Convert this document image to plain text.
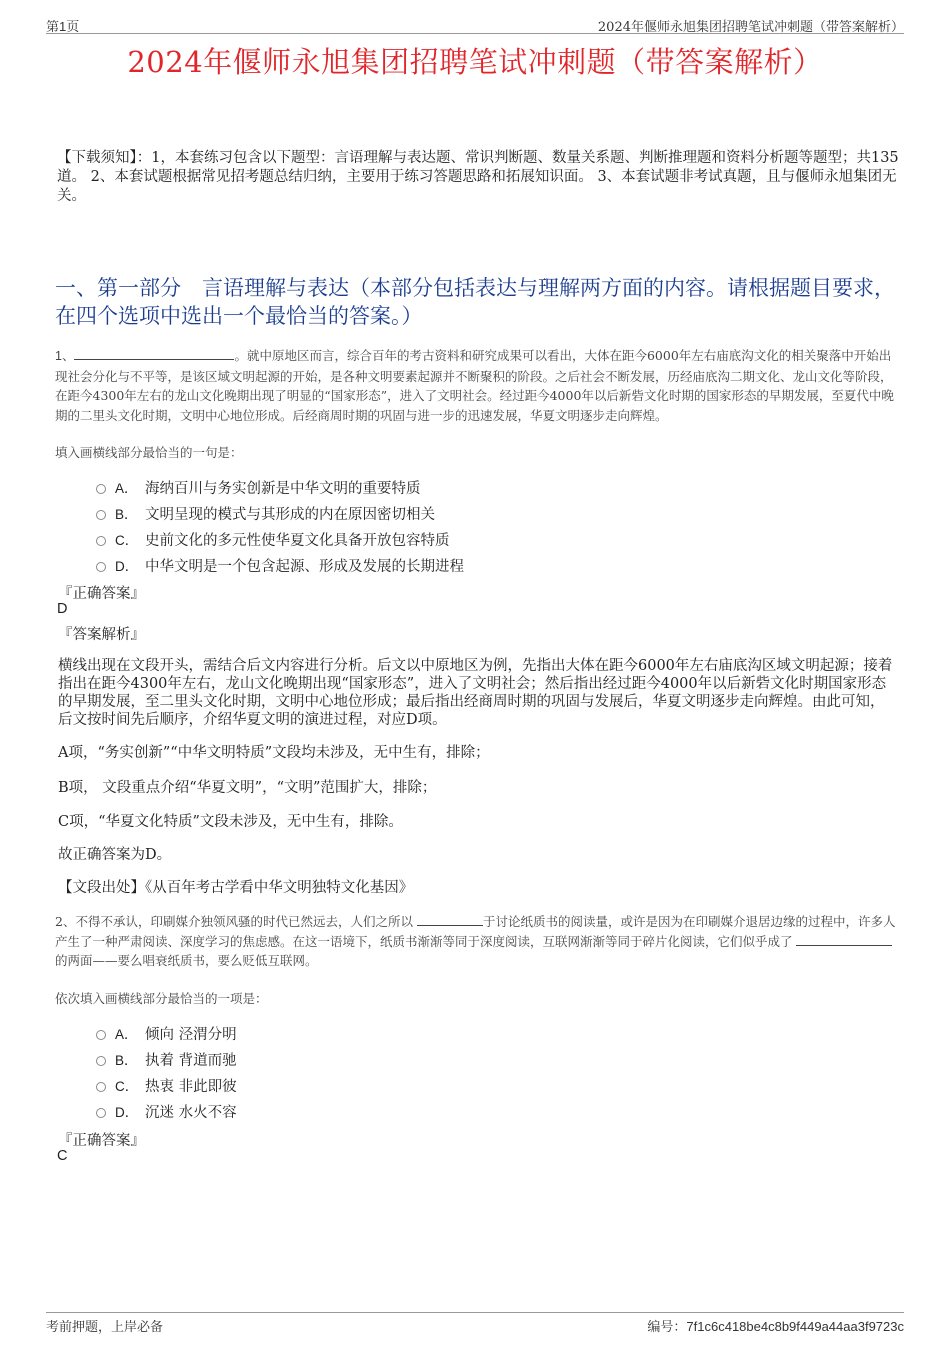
第1页	2024年偃师永旭集团招聘笔试冲刺题（带答案解析）
2024年偃师永旭集团招聘笔试冲刺题（带答案解析）
【下载须知】：1，本套练习包含以下题型：言语理解与表达题、常识判断题、数量关系题、判断推理题和资料分析题等题型；共135道。 2、本套试题根据常见招考题总结归纳，主要用于练习答题思路和拓展知识面。 3、本套试题非考试真题，且与偃师永旭集团无关。
一、第一部分　言语理解与表达（本部分包括表达与理解两方面的内容。请根据题目要求，在四个选项中选出一个最恰当的答案。）
1、	。就中原地区而言，综合百年的考古资料和研究成果可以看出，大体在距今6000年左右庙底沟文化的相关聚落中开始出现社会分化与不平等，是该区域文明起源的开始，是各种文明要素起源并不断聚积的阶段。之后社会不断发展，历经庙底沟二期文化、龙山文化等阶段，在距今4300年左右的龙山文化晚期出现了明显的“国家形态”，进入了文明社会。经过距今4000年以后新砦文化时期的国家形态的早期发展，至夏代中晚期的二里头文化时期，文明中心地位形成。后经商周时期的巩固与进一步的迅速发展，华夏文明逐步走向辉煌。
填入画横线部分最恰当的一句是：
A． 海纳百川与务实创新是中华文明的重要特质
B． 文明呈现的模式与其形成的内在原因密切相关
C． 史前文化的多元性使华夏文化具备开放包容特质
D． 中华文明是一个包含起源、形成及发展的长期进程
『正确答案』
D
『答案解析』
横线出现在文段开头，需结合后文内容进行分析。后文以中原地区为例，先指出大体在距今6000年左右庙底沟区域文明起源；接着指出在距今4300年左右，龙山文化晚期出现“国家形态”，进入了文明社会；然后指出经过距今4000年以后新砦文化时期国家形态的早期发展，至二里头文化时期，文明中心地位形成；最后指出经商周时期的巩固与发展后，华夏文明逐步走向辉煌。由此可知，后文按时间先后顺序，介绍华夏文明的演进过程，对应D项。
A项，“务实创新”“中华文明特质”文段均未涉及，无中生有，排除；
B项， 文段重点介绍“华夏文明”，“文明”范围扩大，排除；
C项，“华夏文化特质”文段未涉及，无中生有，排除。
故正确答案为D。
【文段出处】《从百年考古学看中华文明独特文化基因》
2、不得不承认，印刷媒介独领风骚的时代已然远去，人们之所以	于讨论纸质书的阅读量，或许是因为在印刷媒介退居边缘的过程中，许多人产生了一种严肃阅读、深度学习的焦虑感。在这一语境下，纸质书渐渐等同于深度阅读，互联网渐渐等同于碎片化阅读，它们似乎成了 的两面——要么唱衰纸质书，要么贬低互联网。
依次填入画横线部分最恰当的一项是：
A． 倾向 泾渭分明
B． 执着 背道而驰
C． 热衷 非此即彼
D． 沉迷 水火不容
『正确答案』
C
考前押题，上岸必备	编号：7f1c6c418be4c8b9f449a44aa3f9723c
